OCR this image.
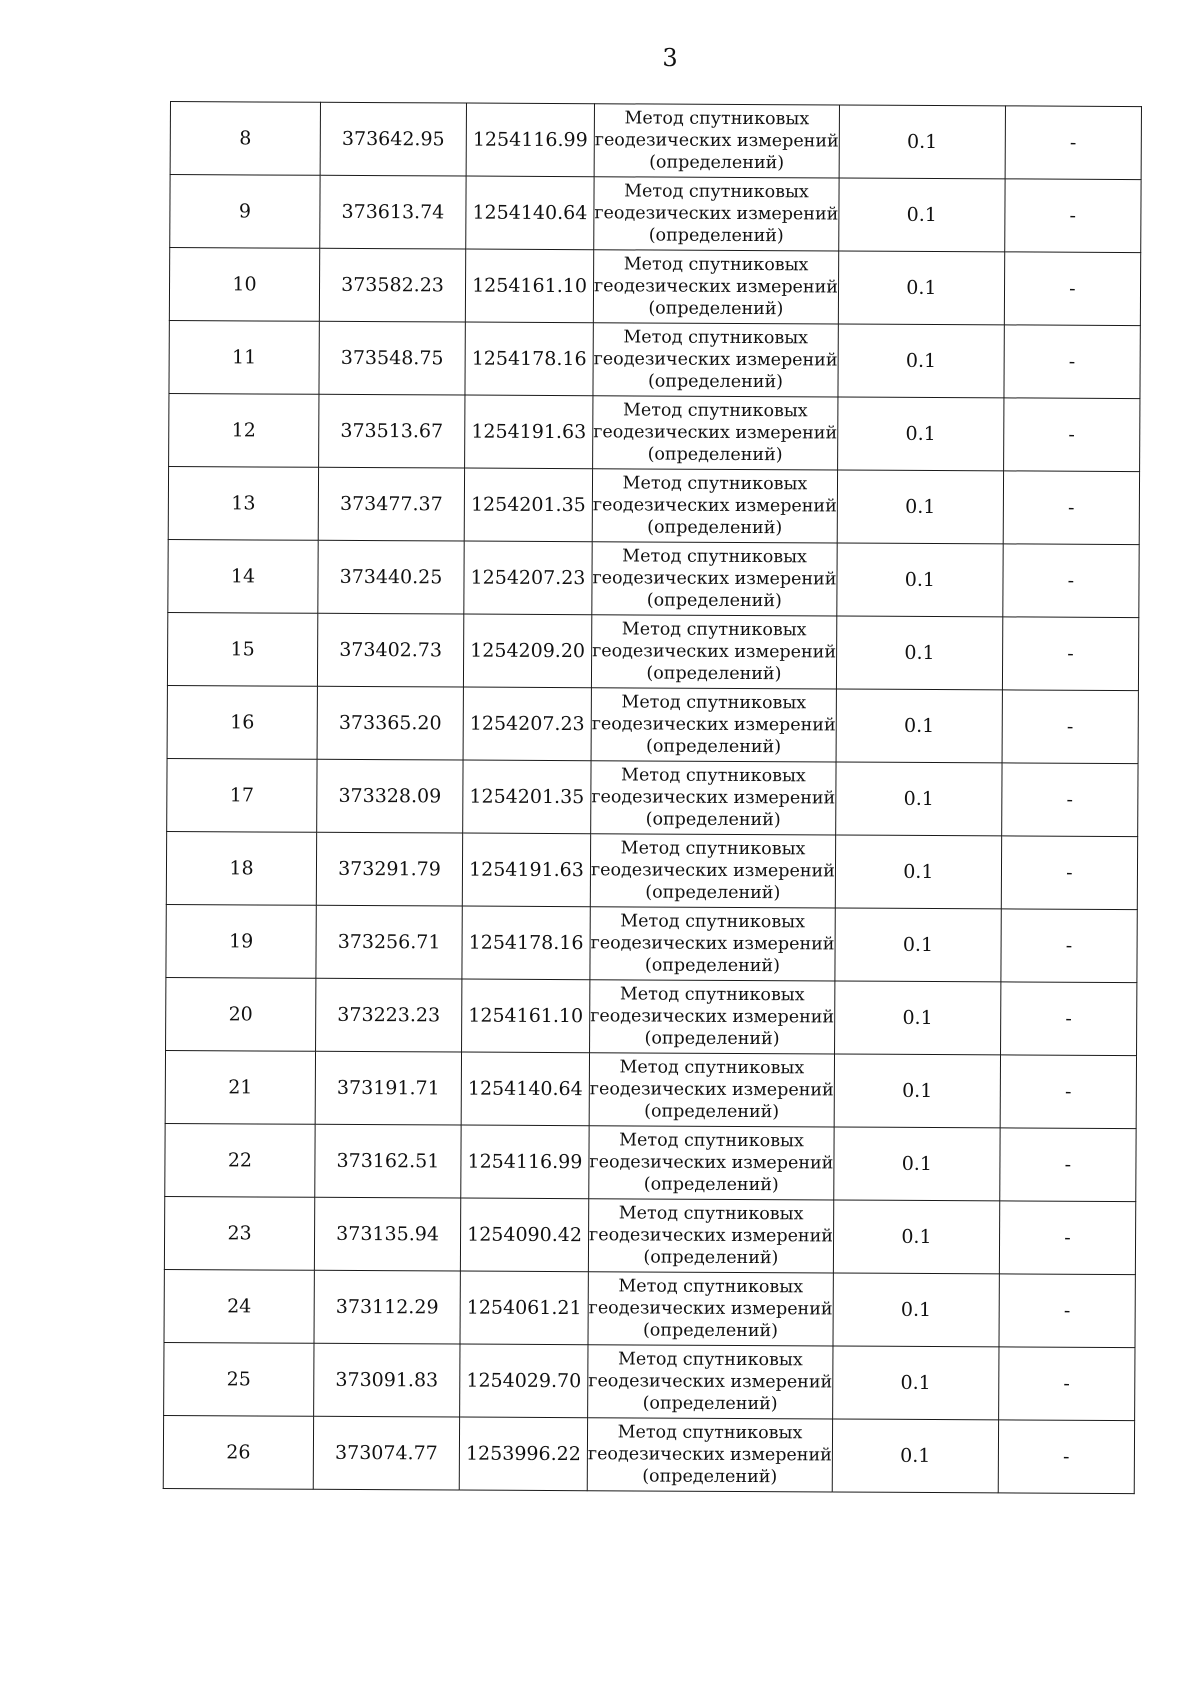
3
8	373642.95	1254116.99	Метод спутниковых
геодезических измерений
(определений)	0.1	-
9	373613.74	1254140.64	Метод спутниковых
геодезических измерений
(определений)	0.1	-
10	373582.23	1254161.10	Метод спутниковых
геодезических измерений
(определений)	0.1	-
11	373548.75	1254178.16	Метод спутниковых
геодезических измерений
(определений)	0.1	-
12	373513.67	1254191.63	Метод спутниковых
геодезических измерений
(определений)	0.1	-
13	373477.37	1254201.35	Метод спутниковых
геодезических измерений
(определений)	0.1	-
14	373440.25	1254207.23	Метод спутниковых
геодезических измерений
(определений)	0.1	-
15	373402.73	1254209.20	Метод спутниковых
геодезических измерений
(определений)	0.1	-
16	373365.20	1254207.23	Метод спутниковых
геодезических измерений
(определений)	0.1	-
17	373328.09	1254201.35	Метод спутниковых
геодезических измерений
(определений)	0.1	-
18	373291.79	1254191.63	Метод спутниковых
геодезических измерений
(определений)	0.1	-
19	373256.71	1254178.16	Метод спутниковых
геодезических измерений
(определений)	0.1	-
20	373223.23	1254161.10	Метод спутниковых
геодезических измерений
(определений)	0.1	-
21	373191.71	1254140.64	Метод спутниковых
геодезических измерений
(определений)	0.1	-
22	373162.51	1254116.99	Метод спутниковых
геодезических измерений
(определений)	0.1	-
23	373135.94	1254090.42	Метод спутниковых
геодезических измерений
(определений)	0.1	-
24	373112.29	1254061.21	Метод спутниковых
геодезических измерений
(определений)	0.1	-
25	373091.83	1254029.70	Метод спутниковых
геодезических измерений
(определений)	0.1	-
26	373074.77	1253996.22	Метод спутниковых
геодезических измерений
(определений)	0.1	-
